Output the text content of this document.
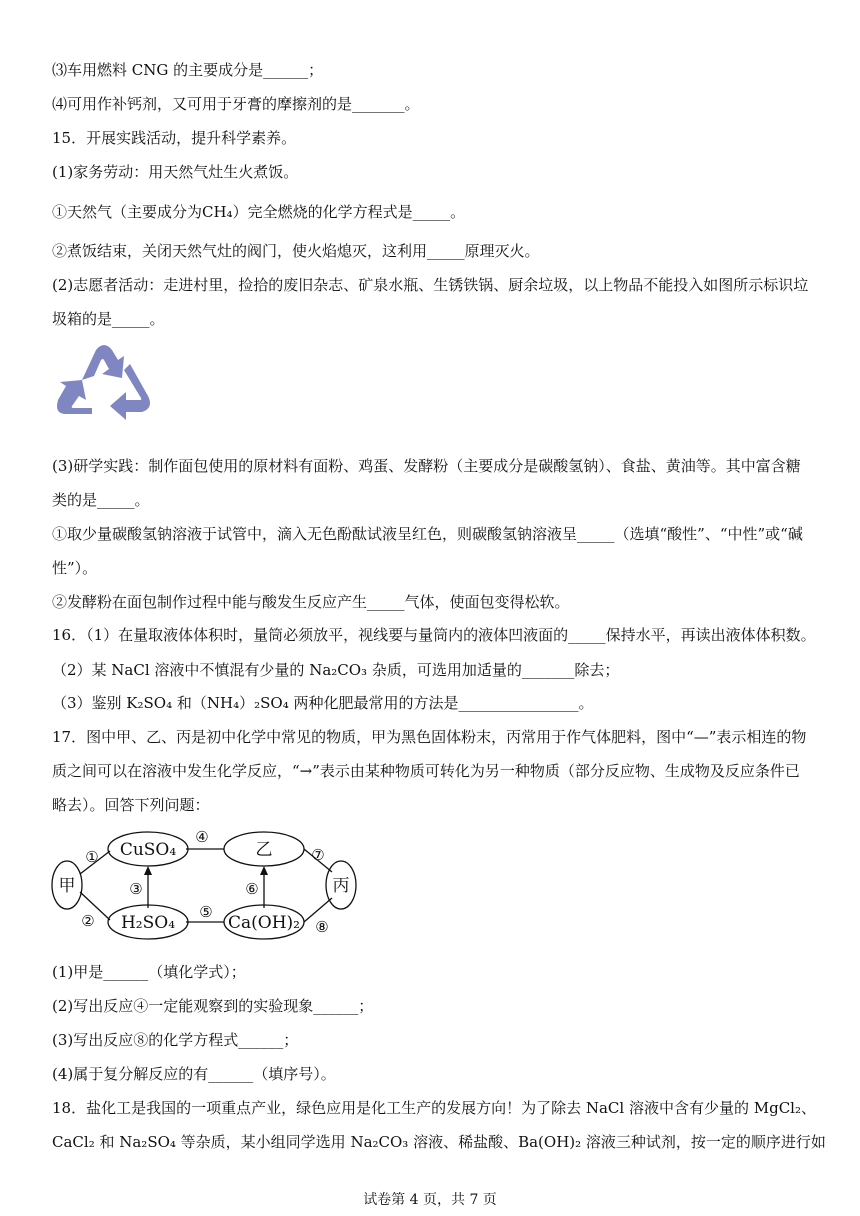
⑶车用燃料 CNG 的主要成分是______；
⑷可用作补钙剂，又可用于牙膏的摩擦剂的是_______。
15．开展实践活动，提升科学素养。
(1)家务劳动：用天然气灶生火煮饭。
①天然气（主要成分为CH₄）完全燃烧的化学方程式是_____。
②煮饭结束，关闭天然气灶的阀门，使火焰熄灭，这利用_____原理灭火。
(2)志愿者活动：走进村里，捡拾的废旧杂志、矿泉水瓶、生锈铁锅、厨余垃圾，以上物品不能投入如图所示标识垃
圾箱的是_____。
(3)研学实践：制作面包使用的原材料有面粉、鸡蛋、发酵粉（主要成分是碳酸氢钠）、食盐、黄油等。其中富含糖
类的是_____。
①取少量碳酸氢钠溶液于试管中，滴入无色酚酞试液呈红色，则碳酸氢钠溶液呈_____（选填“酸性”、“中性”或“碱
性”）。
②发酵粉在面包制作过程中能与酸发生反应产生_____气体，使面包变得松软。
16．（1）在量取液体体积时，量筒必须放平，视线要与量筒内的液体凹液面的_____保持水平，再读出液体体积数。
（2）某 NaCl 溶液中不慎混有少量的 Na₂CO₃ 杂质，可选用加适量的_______除去；
（3）鉴别 K₂SO₄ 和（NH₄）₂SO₄ 两种化肥最常用的方法是________________。
17．图中甲、乙、丙是初中化学中常见的物质，甲为黑色固体粉末，丙常用于作气体肥料，图中“—”表示相连的物
质之间可以在溶液中发生化学反应，“→”表示由某种物质可转化为另一种物质（部分反应物、生成物及反应条件已
略去）。回答下列问题：
(1)甲是______（填化学式）；
(2)写出反应④一定能观察到的实验现象______；
(3)写出反应⑧的化学方程式______；
(4)属于复分解反应的有______（填序号）。
18．盐化工是我国的一项重点产业，绿色应用是化工生产的发展方向！为了除去 NaCl 溶液中含有少量的 MgCl₂、
CaCl₂ 和 Na₂SO₄ 等杂质，某小组同学选用 Na₂CO₃ 溶液、稀盐酸、Ba(OH)₂ 溶液三种试剂，按一定的顺序进行如
CuSO₄	乙
甲	丙
H₂SO₄	Ca(OH)₂
①
②
③
④
⑤
⑥
⑦
⑧
试卷第 4 页，共 7 页
